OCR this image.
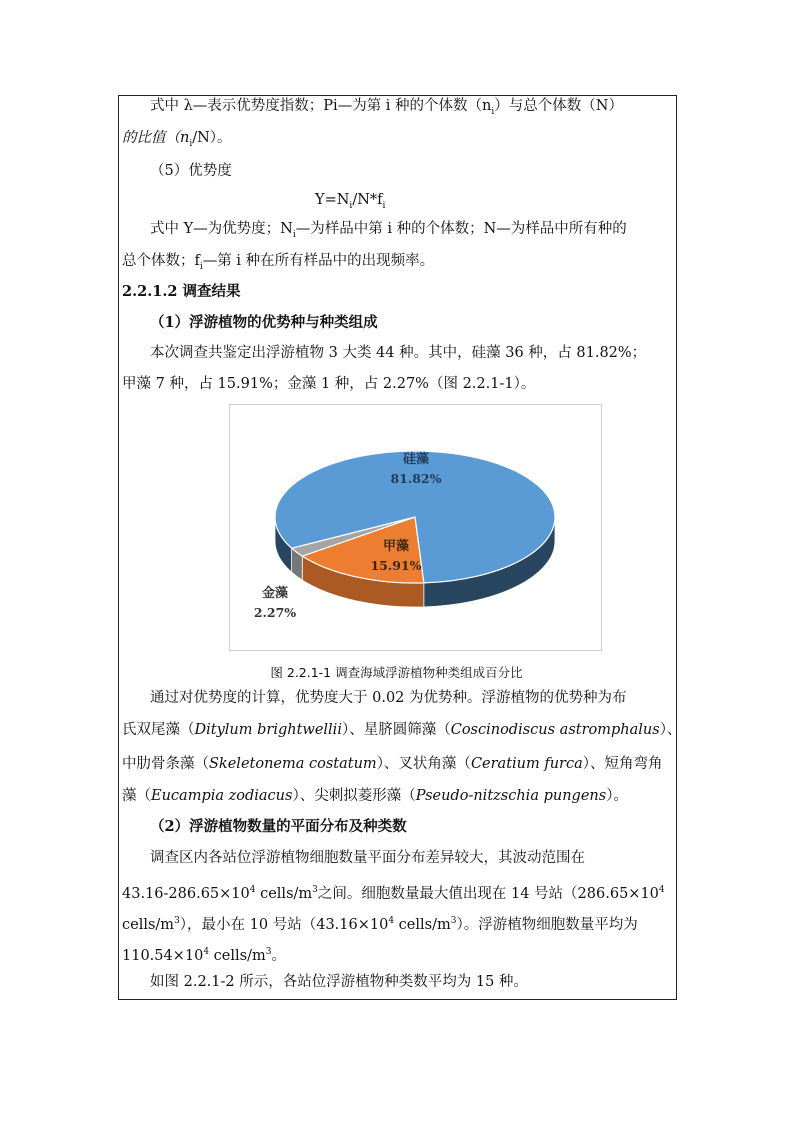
式中 λ—表示优势度指数；Pi—为第 i 种的个体数$(n_i)$与总个体数（N）
的比值$(n_i/N)$。
（5）优势度
$Y=N_i/N*f_i$
式中 Y—为优势度；$N_i—$为样品中第 i 种的个体数；N—为样品中所有种的
总个体数；$f_i—$第 i 种在所有样品中的出现频率。
2.2.1.2 调查结果
（1）浮游植物的优势种与种类组成
本次调查共鉴定出浮游植物 3 大类 44 种。其中，硅藻 36 种，占 81.82%；
甲藻 7 种，占 15.91%；金藻 1 种，占 2.27%（图 2.2.1-1）。
硅藻
81.82%
甲藻
15.91%
金藻
2.27%
图 2.2.1-1 调查海域浮游植物种类组成百分比
通过对优势度的计算，优势度大于 0.02 为优势种。浮游植物的优势种为布
氏双尾藻（Ditylum brightwellii）、星脐圆筛藻（Coscinodiscus astromphalus）、
中肋骨条藻（Skeletonema costatum）、叉状角藻（Ceratium furca）、短角弯角
藻（Eucampia zodiacus）、尖刺拟菱形藻（Pseudo-nitzschia pungens）。
（2）浮游植物数量的平面分布及种类数
调查区内各站位浮游植物细胞数量平面分布差异较大，其波动范围在
$43.16-286.65\times 10^4$ cells/$m^3$之间。细胞数量最大值出现在 14 号站（$286.65\times 10^4$
cells/$m^3$），最小在 10 号站（$43.16\times 10^4$ cells/$m^3$）。浮游植物细胞数量平均为
$110.54\times 10^4$ cells/$m^3$。
如图 2.2.1-2 所示，各站位浮游植物种类数平均为 15 种。
